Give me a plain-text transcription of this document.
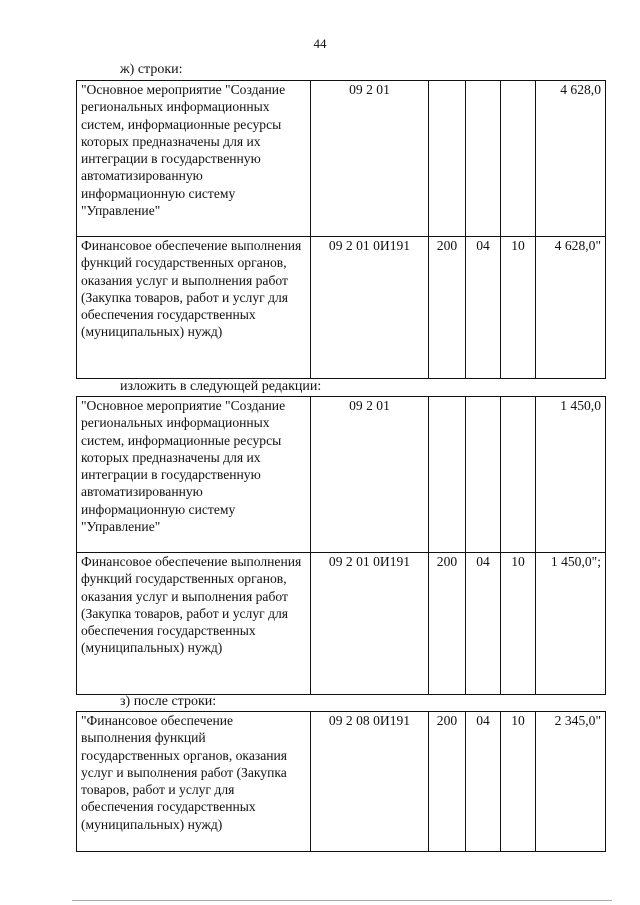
44
ж) строки:
"Основное мероприятие "Создание региональных информационных систем, информационные ресурсы которых предназначены для их интеграции в государственную автоматизированную информационную систему "Управление"	09 2 01				4 628,0
Финансовое обеспечение выполнения функций государственных органов, оказания услуг и выполнения работ (Закупка товаров, работ и услуг для обеспечения государственных (муниципальных) нужд)	09 2 01 0И191	200	04	10	4 628,0"
изложить в следующей редакции:
"Основное мероприятие "Создание региональных информационных систем, информационные ресурсы которых предназначены для их интеграции в государственную автоматизированную информационную систему "Управление"	09 2 01				1 450,0
Финансовое обеспечение выполнения функций государственных органов, оказания услуг и выполнения работ (Закупка товаров, работ и услуг для обеспечения государственных (муниципальных) нужд)	09 2 01 0И191	200	04	10	1 450,0";
з) после строки:
"Финансовое обеспечение выполнения функций государственных органов, оказания услуг и выполнения работ (Закупка товаров, работ и услуг для обеспечения государственных (муниципальных) нужд)	09 2 08 0И191	200	04	10	2 345,0"
